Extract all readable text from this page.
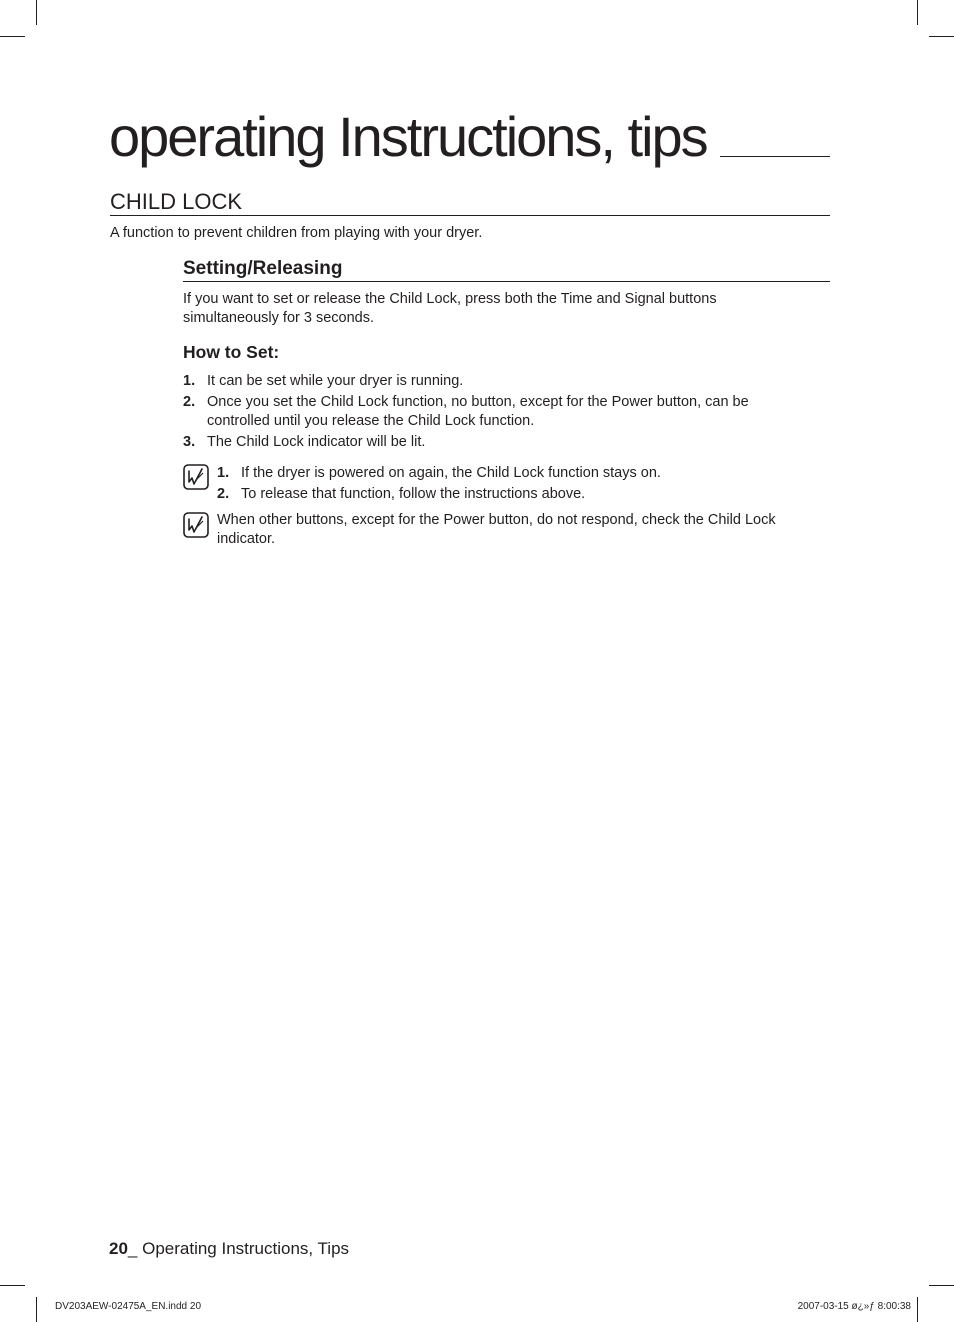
operating Instructions, tips
CHILD LOCK

A function to prevent children from playing with your dryer.

Setting/Releasing

If you want to set or release the Child Lock, press both the Time and Signal buttons

simultaneously for 3 seconds.

How to Set:
1. It can be set while your dryer is running.

2. Once you set the Child Lock function, no button, except for the Power button, can be

controlled until you release the Child Lock function.

3. The Child Lock indicator will be lit.

1. If the dryer is powered on again, the Child Lock function stays on.

2. To release that function, follow the instructions above.

When other buttons, except for the Power button, do not respond, check the Child Lock

indicator.

20_ Operating Instructions, Tips
DV203AEW-02475A_EN.indd 20	2007-03-15 ø¿»ƒ 8:00:38
